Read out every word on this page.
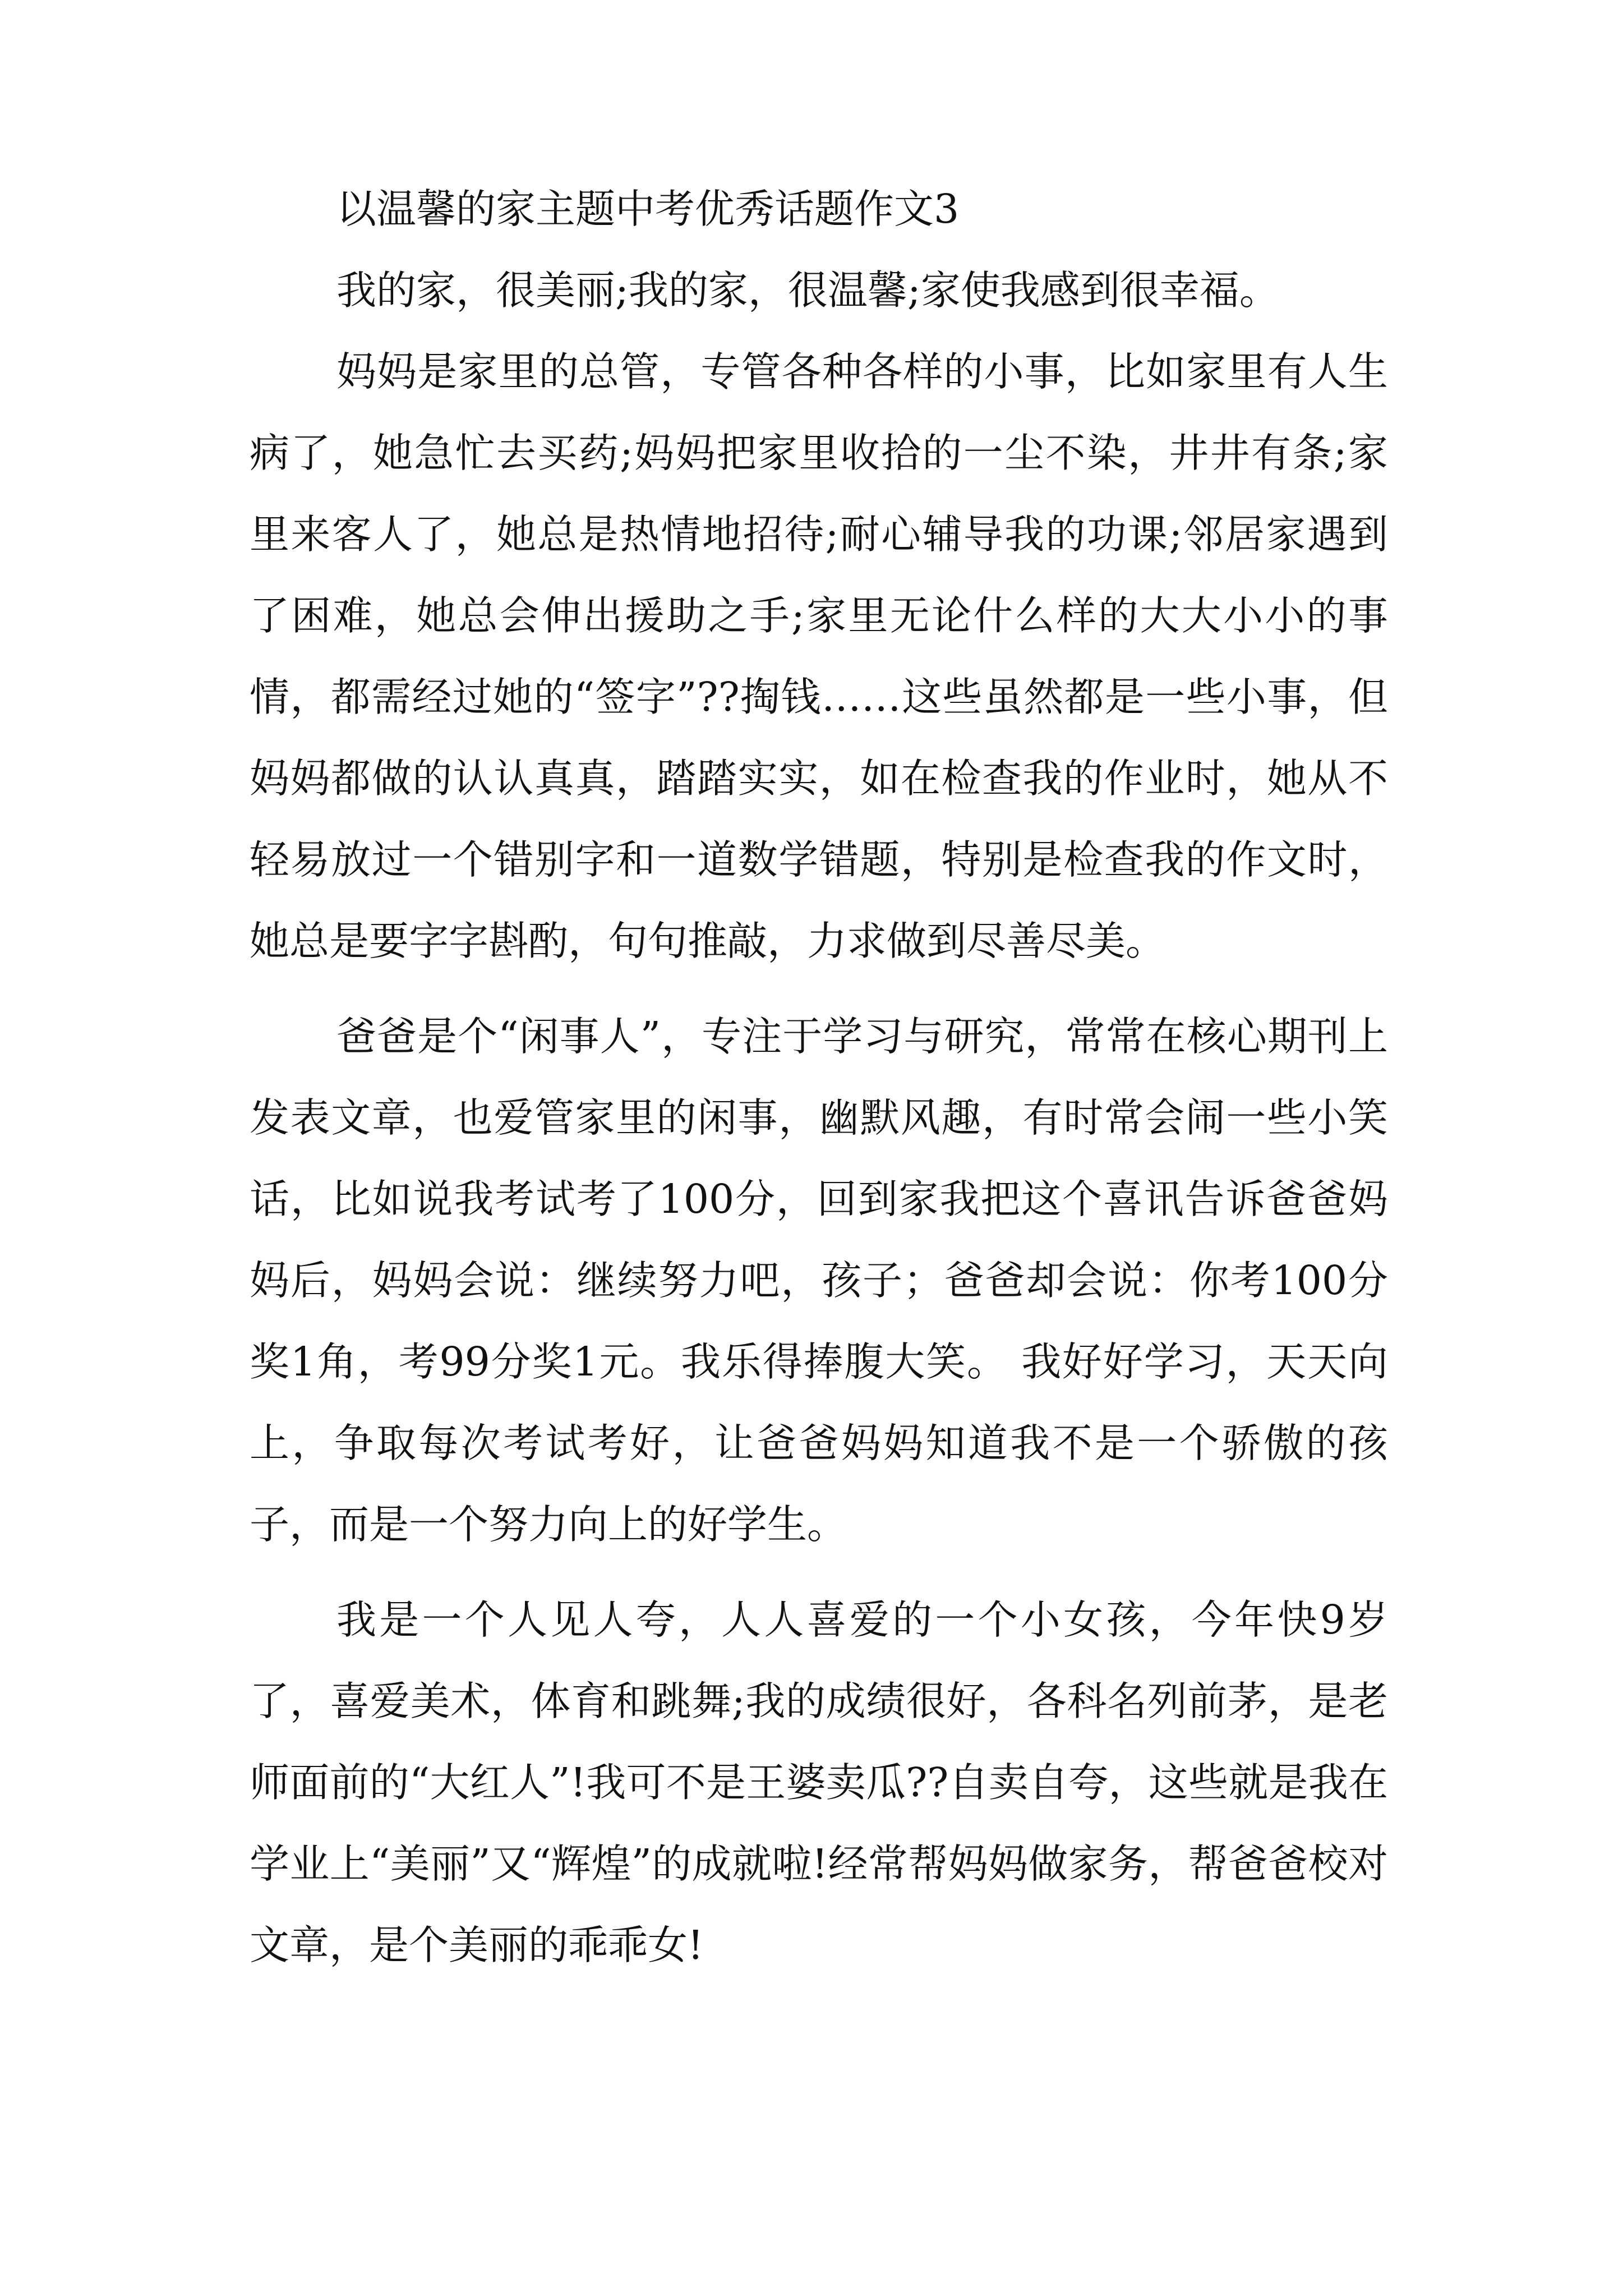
以温馨的家主题中考优秀话题作文3

我的家，很美丽;我的家，很温馨;家使我感到很幸福。

妈妈是家里的总管，专管各种各样的小事，比如家里有人生病了，她急忙去买药;妈妈把家里收拾的一尘不染，井井有条;家里来客人了，她总是热情地招待;耐心辅导我的功课;邻居家遇到了困难，她总会伸出援助之手;家里无论什么样的大大小小的事情，都需经过她的“签字”??掏钱……这些虽然都是一些小事，但妈妈都做的认认真真，踏踏实实，如在检查我的作业时，她从不轻易放过一个错别字和一道数学错题，特别是检查我的作文时，她总是要字字斟酌，句句推敲，力求做到尽善尽美。

爸爸是个“闲事人”，专注于学习与研究，常常在核心期刊上发表文章，也爱管家里的闲事，幽默风趣，有时常会闹一些小笑话，比如说我考试考了100分，回到家我把这个喜讯告诉爸爸妈妈后，妈妈会说：继续努力吧，孩子；爸爸却会说：你考100分奖1角，考99分奖1元。我乐得捧腹大笑。 我好好学习，天天向上，争取每次考试考好，让爸爸妈妈知道我不是一个骄傲的孩子，而是一个努力向上的好学生。

我是一个人见人夸，人人喜爱的一个小女孩，今年快9岁了，喜爱美术，体育和跳舞;我的成绩很好，各科名列前茅，是老师面前的“大红人”!我可不是王婆卖瓜??自卖自夸，这些就是我在学业上“美丽”又“辉煌”的成就啦!经常帮妈妈做家务，帮爸爸校对文章，是个美丽的乖乖女!
